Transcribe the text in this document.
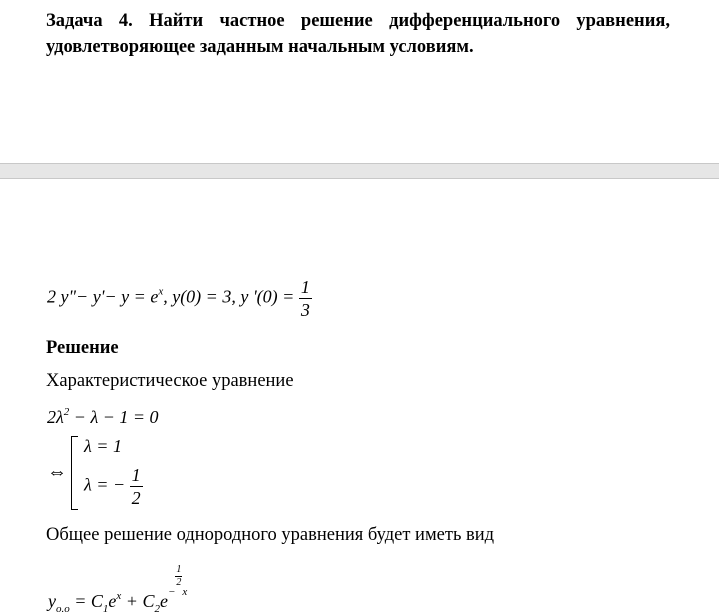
Задача 4. Найти частное решение дифференциального уравнения, удовлетворяющее заданным начальным условиям.
2 y"− $y'- y = e^x$, y(0) = 3, y '$(0) = \frac{1}{3}$
Решение
Характеристическое уравнение
$2\lambda^2 - \lambda - 1 = 0$
⇔
λ = 1
λ = − $\frac{1}{2}$
Общее решение однородного уравнения будет иметь вид
$y_{o.o} = C_1e^x + C_2e^{- \frac{1}{2} x}$
